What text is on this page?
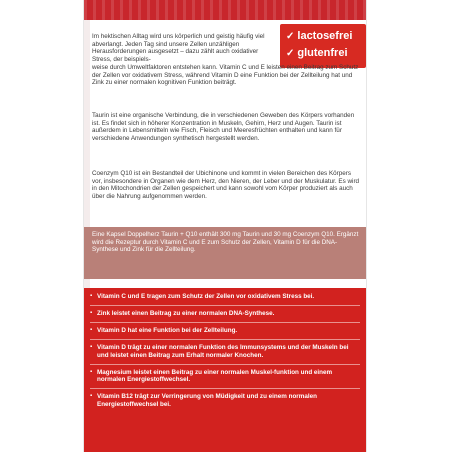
✓ lactosefrei
✓ glutenfrei
Im hektischen Alltag wird uns körperlich und geistig häufig viel abverlangt. Jeden Tag sind unsere Zellen unzähligen Herausforderungen ausgesetzt – dazu zählt auch oxidativer Stress, der beispiels-
weise durch Umweltfaktoren entstehen kann. Vitamin C und E leisten einen Beitrag zum Schutz der Zellen vor oxidativem Stress, während Vitamin D eine Funktion bei der Zellteilung hat und Zink zu einer normalen kognitiven Funktion beiträgt.
Taurin ist eine organische Verbindung, die in verschiedenen Geweben des Körpers vorhanden ist. Es findet sich in höherer Konzentration in Muskeln, Gehirn, Herz und Augen. Taurin ist außerdem in Lebensmitteln wie Fisch, Fleisch und Meeresfrüchten enthalten und kann für verschiedene Anwendungen synthetisch hergestellt werden.
Coenzym Q10 ist ein Bestandteil der Ubichinone und kommt in vielen Bereichen des Körpers vor, insbesondere in Organen wie dem Herz, den Nieren, der Leber und der Muskulatur. Es wird in den Mitochondrien der Zellen gespeichert und kann sowohl vom Körper produziert als auch über die Nahrung aufgenommen werden.
Eine Kapsel Doppelherz Taurin + Q10 enthält 300 mg Taurin und 30 mg Coenzym Q10. Ergänzt wird die Rezeptur durch Vitamin C und E zum Schutz der Zellen, Vitamin D für die DNA-Synthese und Zink für die Zellteilung.
▪ Vitamin C und E tragen zum Schutz der Zellen vor oxidativem Stress bei.
▪ Zink leistet einen Beitrag zu einer normalen DNA-Synthese.
▪ Vitamin D hat eine Funktion bei der Zellteilung.
▪ Vitamin D trägt zu einer normalen Funktion des Immunsystems und der Muskeln bei und leistet einen Beitrag zum Erhalt normaler Knochen.
▪ Magnesium leistet einen Beitrag zu einer normalen Muskel-funktion und einem normalen Energiestoffwechsel.
▪ Vitamin B12 trägt zur Verringerung von Müdigkeit und zu einem normalen Energiestoffwechsel bei.
